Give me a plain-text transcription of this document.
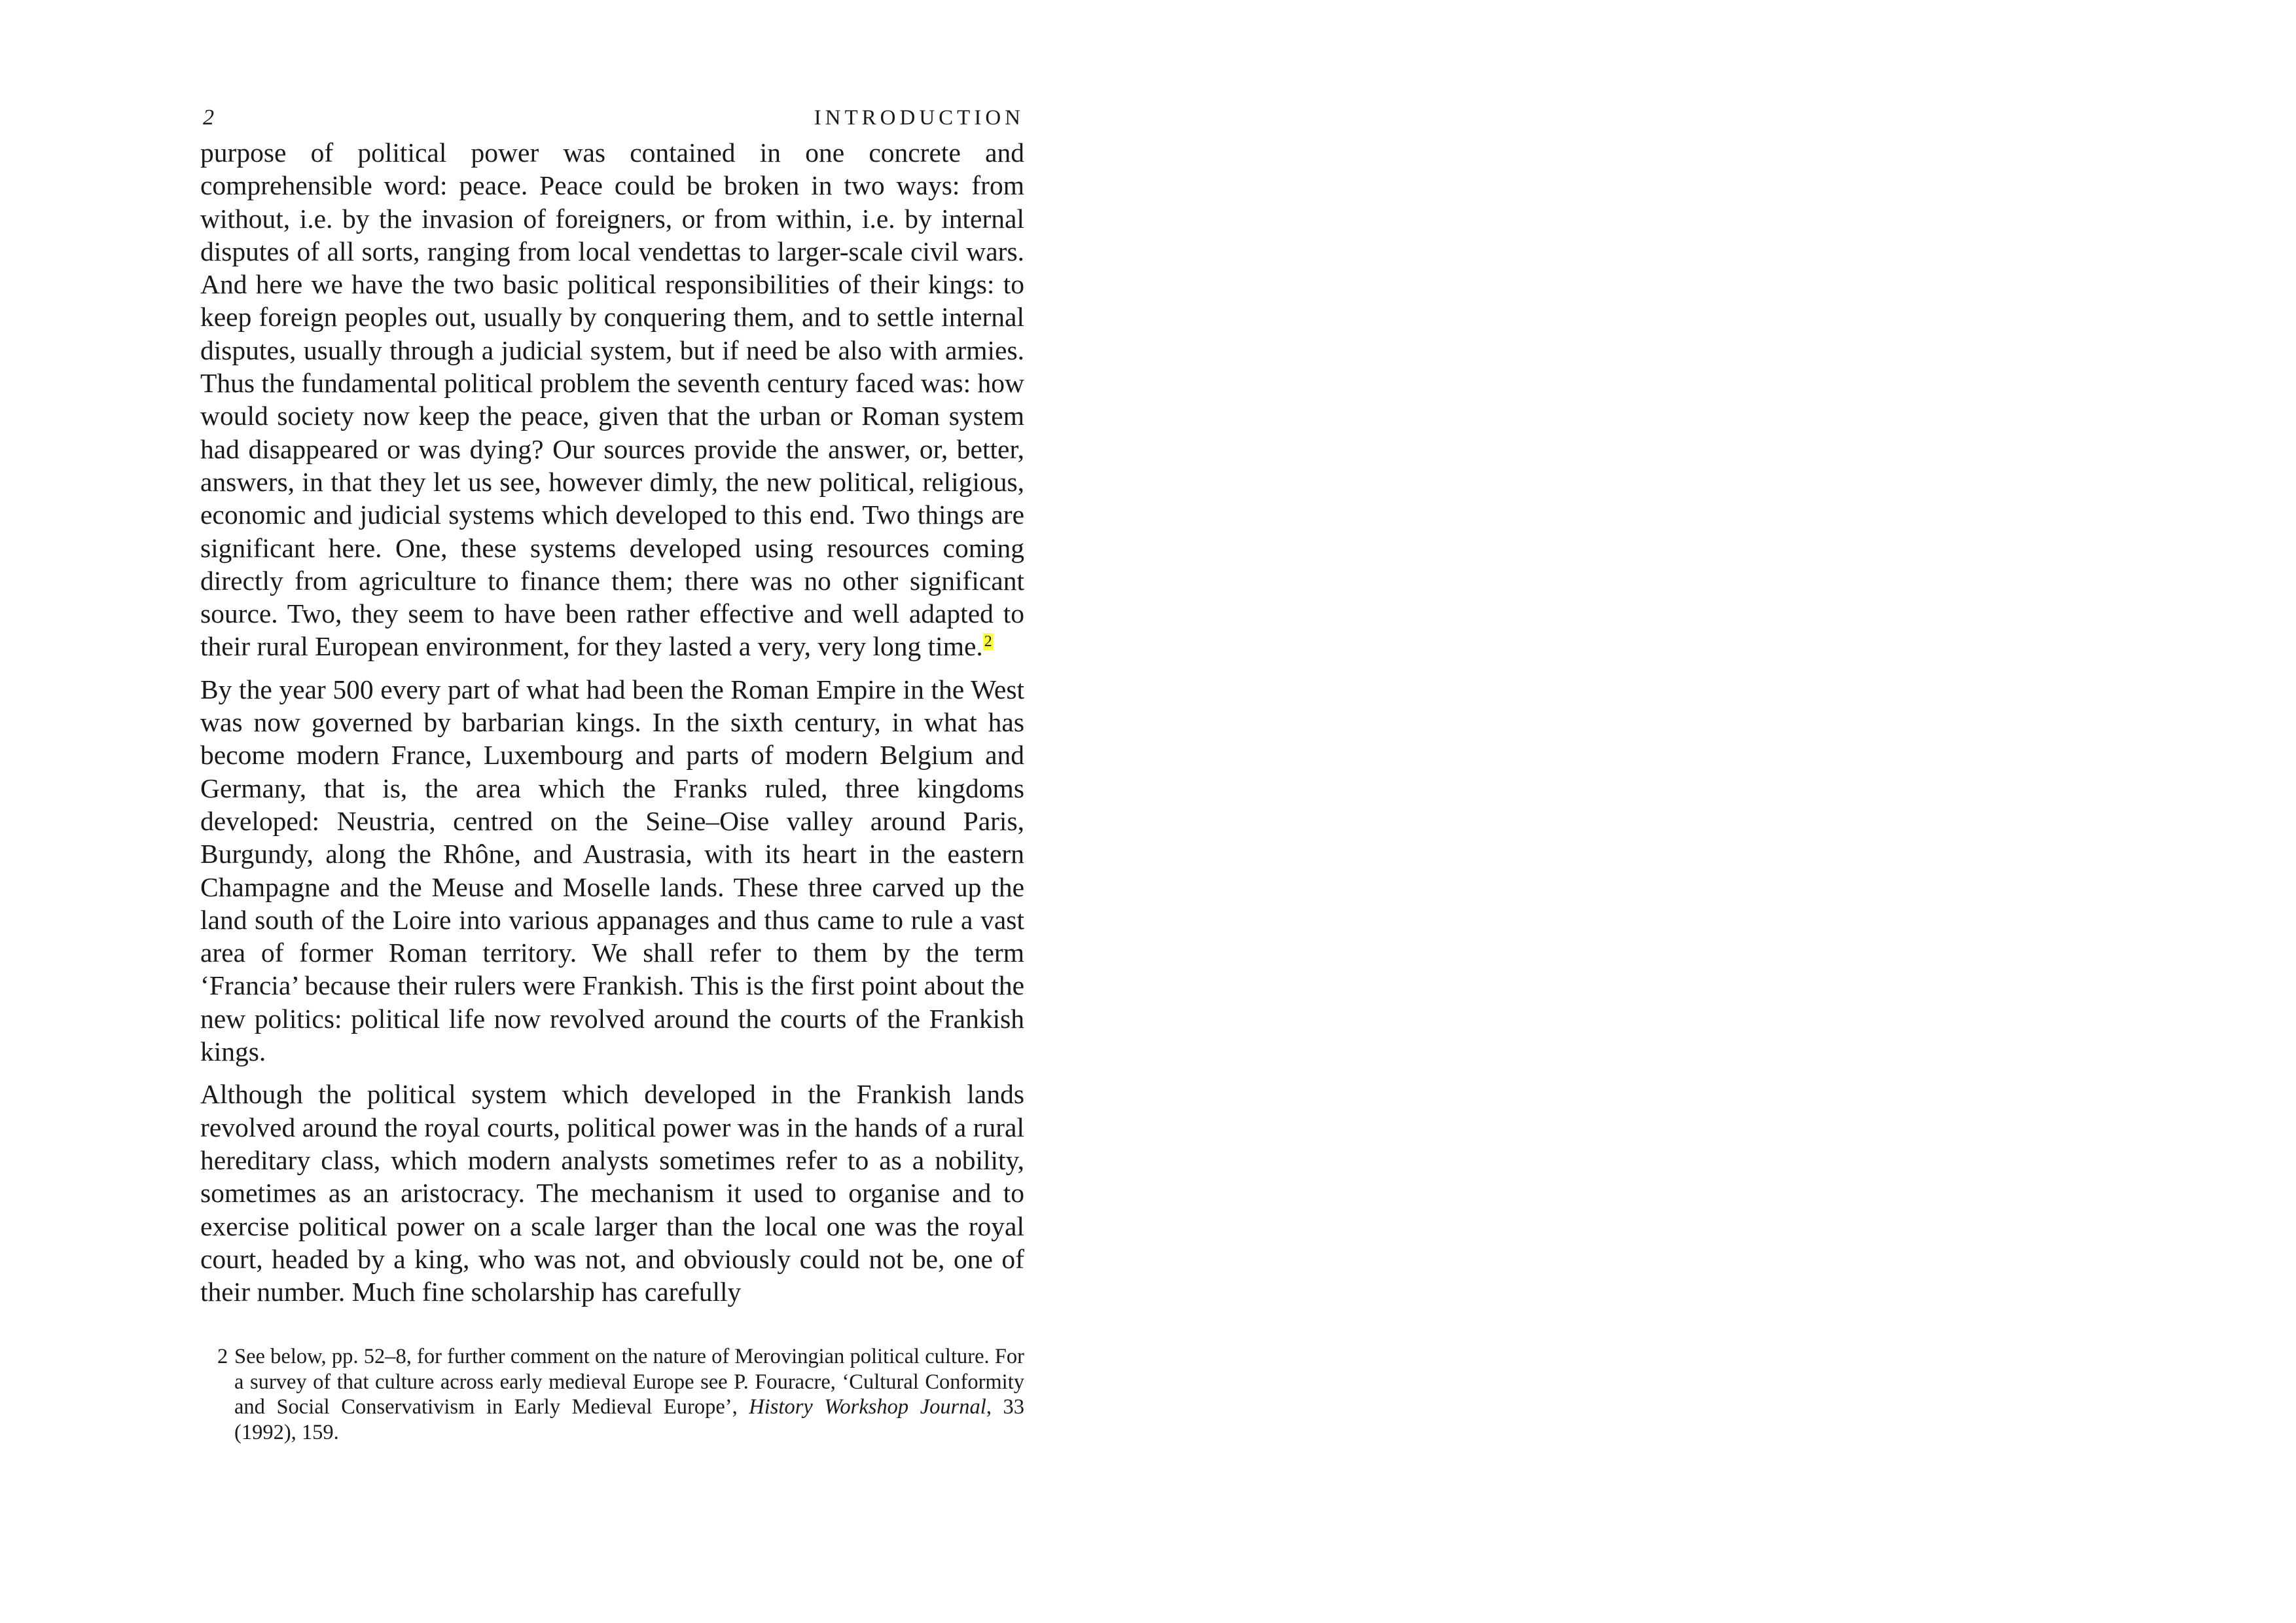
2	INTRODUCTION

purpose of political power was contained in one concrete and comprehensible word: peace. Peace could be broken in two ways: from without, i.e. by the invasion of foreigners, or from within, i.e. by internal disputes of all sorts, ranging from local vendettas to larger-scale civil wars. And here we have the two basic political responsibilities of their kings: to keep foreign peoples out, usually by conquering them, and to settle internal disputes, usually through a judicial system, but if need be also with armies. Thus the fundamental political problem the seventh century faced was: how would society now keep the peace, given that the urban or Roman system had disappeared or was dying? Our sources provide the answer, or, better, answers, in that they let us see, however dimly, the new political, religious, economic and judicial systems which developed to this end. Two things are significant here. One, these systems developed using resources coming directly from agriculture to finance them; there was no other significant source. Two, they seem to have been rather effective and well adapted to their rural European environment, for they lasted a very, very long time.$^2$

By the year 500 every part of what had been the Roman Empire in the West was now governed by barbarian kings. In the sixth century, in what has become modern France, Luxembourg and parts of modern Belgium and Germany, that is, the area which the Franks ruled, three kingdoms developed: Neustria, centred on the Seine–Oise valley around Paris, Burgundy, along the Rhône, and Austrasia, with its heart in the eastern Champagne and the Meuse and Moselle lands. These three carved up the land south of the Loire into various appanages and thus came to rule a vast area of former Roman territory. We shall refer to them by the term ‘Francia’ because their rulers were Frankish. This is the first point about the new politics: political life now revolved around the courts of the Frankish kings.

Although the political system which developed in the Frankish lands revolved around the royal courts, political power was in the hands of a rural hereditary class, which modern analysts sometimes refer to as a nobility, sometimes as an aristocracy. The mechanism it used to organise and to exercise political power on a scale larger than the local one was the royal court, headed by a king, who was not, and obviously could not be, one of their number. Much fine scholarship has carefully

2 See below, pp. 52–8, for further comment on the nature of Merovingian political culture. For a survey of that culture across early medieval Europe see P. Fouracre, ‘Cultural Conformity and Social Conservativism in Early Medieval Europe’, History Workshop Journal, 33 (1992), 159.
